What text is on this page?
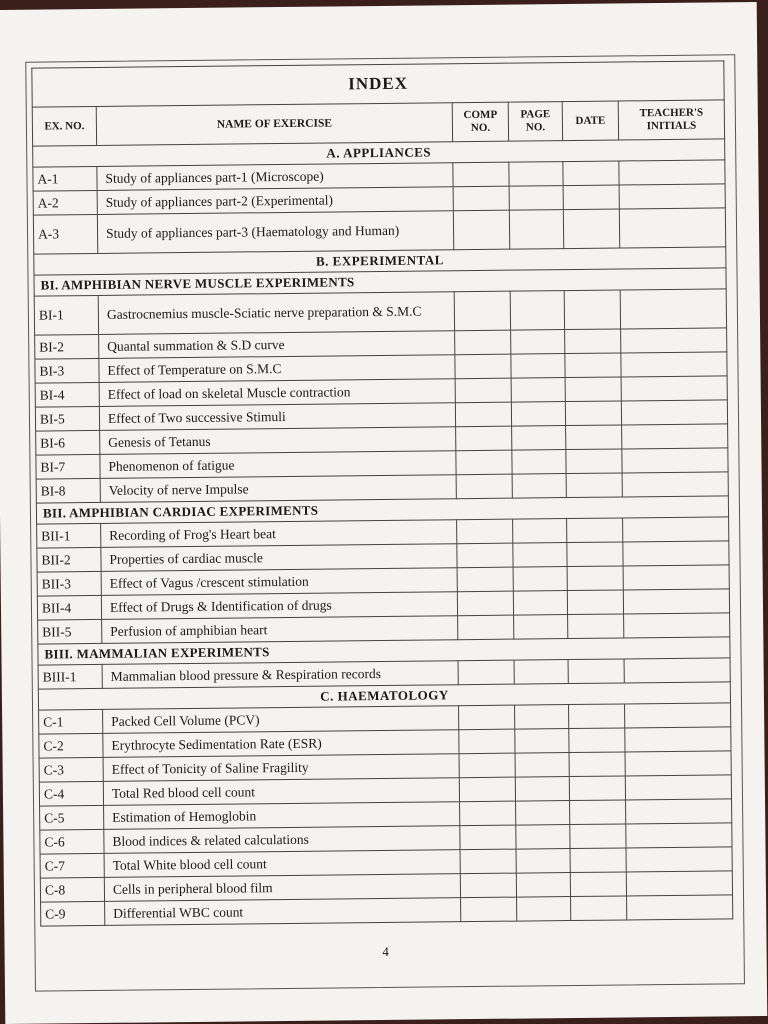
INDEX					
EX. NO.	NAME OF EXERCISE	COMP NO.	PAGE NO.	DATE	TEACHER'S INITIALS
A. APPLIANCES					
A-1	Study of appliances part-1 (Microscope)				
A-2	Study of appliances part-2 (Experimental)				
A-3	Study of appliances part-3 (Haematology and Human)				
B. EXPERIMENTAL					
BI. AMPHIBIAN NERVE MUSCLE EXPERIMENTS					
BI-1	Gastrocnemius muscle-Sciatic nerve preparation & S.M.C				
BI-2	Quantal summation & S.D curve				
BI-3	Effect of Temperature on S.M.C				
BI-4	Effect of load on skeletal Muscle contraction				
BI-5	Effect of Two successive Stimuli				
BI-6	Genesis of Tetanus				
BI-7	Phenomenon of fatigue				
BI-8	Velocity of nerve Impulse				
BII. AMPHIBIAN CARDIAC EXPERIMENTS					
BII-1	Recording of Frog's Heart beat				
BII-2	Properties of cardiac muscle				
BII-3	Effect of Vagus /crescent stimulation				
BII-4	Effect of Drugs & Identification of drugs				
BII-5	Perfusion of amphibian heart				
BIII. MAMMALIAN EXPERIMENTS					
BIII-1	Mammalian blood pressure & Respiration records				
C. HAEMATOLOGY					
C-1	Packed Cell Volume (PCV)				
C-2	Erythrocyte Sedimentation Rate (ESR)				
C-3	Effect of Tonicity of Saline Fragility				
C-4	Total Red blood cell count				
C-5	Estimation of Hemoglobin				
C-6	Blood indices & related calculations				
C-7	Total White blood cell count				
C-8	Cells in peripheral blood film				
C-9	Differential WBC count				
4
